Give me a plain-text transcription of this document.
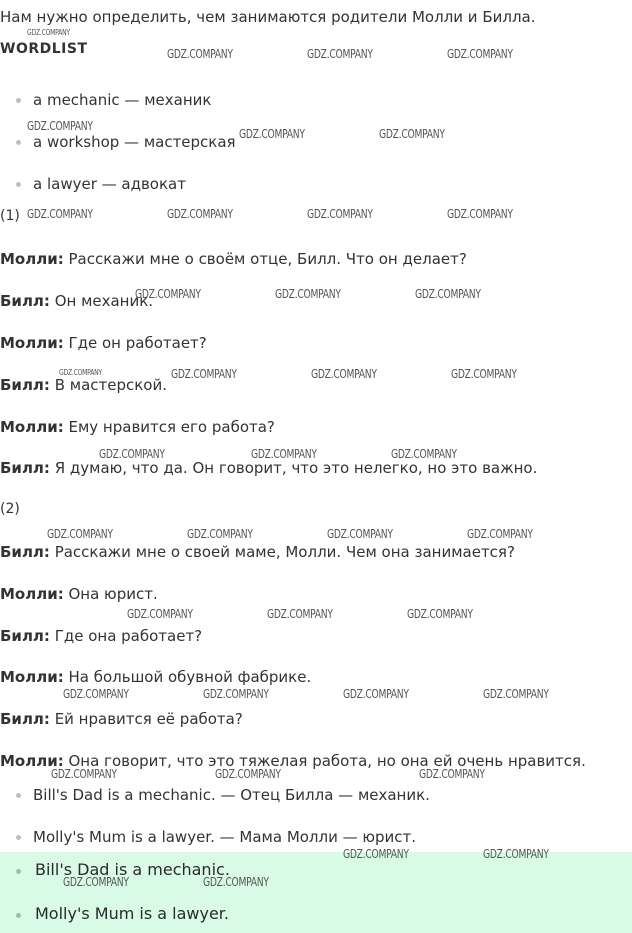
Нам нужно определить, чем занимаются родители Молли и Билла.
WORDLIST
a mechanic — механик
a workshop — мастерская
a lawyer — адвокат
(1)
Молли: Расскажи мне о своём отце, Билл. Что он делает?
Билл: Он механик.
Молли: Где он работает?
Билл: В мастерской.
Молли: Ему нравится его работа?
Билл: Я думаю, что да. Он говорит, что это нелегко, но это важно.
(2)
Билл: Расскажи мне о своей маме, Молли. Чем она занимается?
Молли: Она юрист.
Билл: Где она работает?
Молли: На большой обувной фабрике.
Билл: Ей нравится её работа?
Молли: Она говорит, что это тяжелая работа, но она ей очень нравится.
Bill's Dad is a mechanic. — Отец Билла — механик.
Molly's Mum is a lawyer. — Мама Молли — юрист.
Bill's Dad is a mechanic.
Molly's Mum is a lawyer.
GDZ.COMPANY
GDZ.COMPANY	GDZ.COMPANY	GDZ.COMPANY
GDZ.COMPANY
GDZ.COMPANY	GDZ.COMPANY
GDZ.COMPANY	GDZ.COMPANY	GDZ.COMPANY	GDZ.COMPANY
GDZ.COMPANY	GDZ.COMPANY	GDZ.COMPANY
GDZ.COMPANY	GDZ.COMPANY	GDZ.COMPANY	GDZ.COMPANY
GDZ.COMPANY	GDZ.COMPANY	GDZ.COMPANY
GDZ.COMPANY	GDZ.COMPANY	GDZ.COMPANY	GDZ.COMPANY
GDZ.COMPANY	GDZ.COMPANY	GDZ.COMPANY
GDZ.COMPANY	GDZ.COMPANY	GDZ.COMPANY	GDZ.COMPANY
GDZ.COMPANY	GDZ.COMPANY	GDZ.COMPANY
GDZ.COMPANY	GDZ.COMPANY
GDZ.COMPANY	GDZ.COMPANY
